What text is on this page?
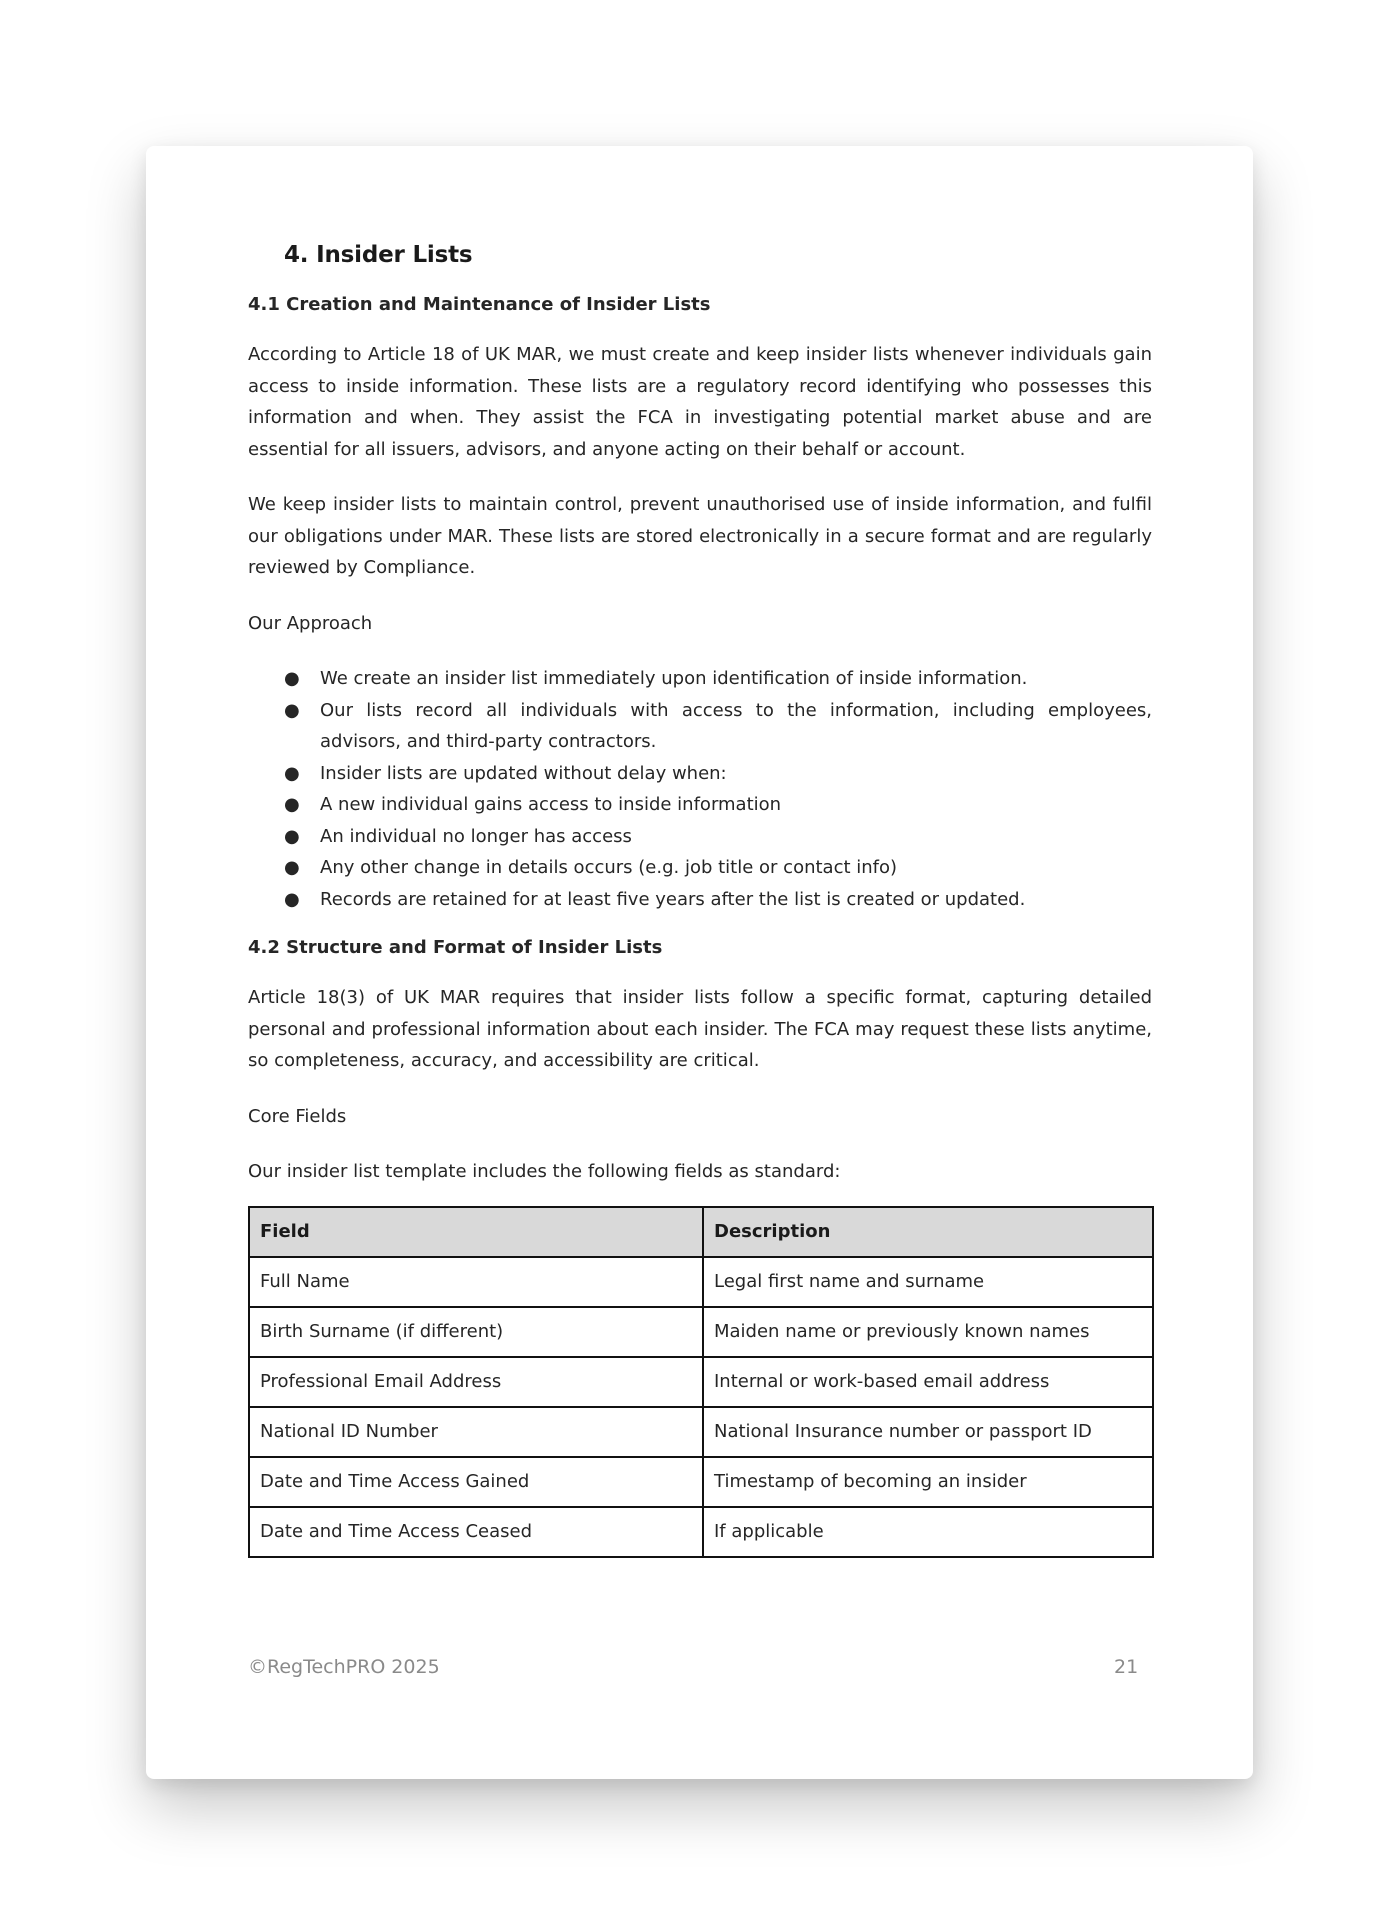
4. Insider Lists
4.1 Creation and Maintenance of Insider Lists

According to Article 18 of UK MAR, we must create and keep insider lists whenever individuals gain access to inside information. These lists are a regulatory record identifying who possesses this information and when. They assist the FCA in investigating potential market abuse and are essential for all issuers, advisors, and anyone acting on their behalf or account.

We keep insider lists to maintain control, prevent unauthorised use of inside information, and fulfil our obligations under MAR. These lists are stored electronically in a secure format and are regularly reviewed by Compliance.

Our Approach

● We create an insider list immediately upon identification of inside information.
● Our lists record all individuals with access to the information, including employees, advisors, and third-party contractors.
● Insider lists are updated without delay when:
● A new individual gains access to inside information
● An individual no longer has access
● Any other change in details occurs (e.g. job title or contact info)
● Records are retained for at least five years after the list is created or updated.
4.2 Structure and Format of Insider Lists

Article 18(3) of UK MAR requires that insider lists follow a specific format, capturing detailed personal and professional information about each insider. The FCA may request these lists anytime, so completeness, accuracy, and accessibility are critical.

Core Fields

Our insider list template includes the following fields as standard:

Field	Description
Full Name	Legal first name and surname
Birth Surname (if different)	Maiden name or previously known names
Professional Email Address	Internal or work-based email address
National ID Number	National Insurance number or passport ID
Date and Time Access Gained	Timestamp of becoming an insider
Date and Time Access Ceased	If applicable
©RegTechPRO 2025	21
